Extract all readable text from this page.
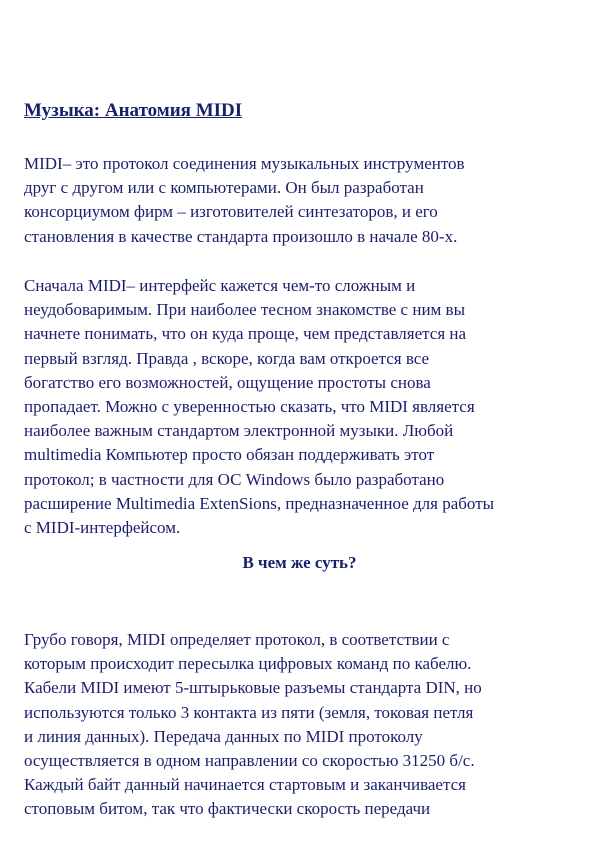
Музыка: Анатомия MIDI
MIDI– это протокол соединения музыкальных инструментов
друг с другом или с компьютерами. Он был разработан
консорциумом фирм – изготовителей синтезаторов, и его
становления в качестве стандарта произошло в начале 80-х.
Сначала MIDI– интерфейс кажется чем-то сложным и
неудобоваримым. При наиболее тесном знакомстве с ним вы
начнете понимать, что он куда проще, чем представляется на
первый взгляд. Правда , вскоре, когда вам откроется все
богатство его возможностей, ощущение простоты снова
пропадает. Можно с уверенностью сказать, что MIDI является
наиболее важным стандартом электронной музыки. Любой
multimedia Компьютер просто обязан поддерживать этот
протокол; в частности для ОС Windows было разработано
расширение Multimedia ExtenSions, предназначенное для работы
с MIDI-интерфейсом.
В чем же суть?
Грубо говоря, MIDI определяет протокол, в соответствии с
которым происходит пересылка цифровых команд по кабелю.
Кабели MIDI имеют 5-штырьковые разъемы стандарта DIN, но
используются только 3 контакта из пяти (земля, токовая петля
и линия данных). Передача данных по MIDI протоколу
осуществляется в одном направлении со скоростью 31250 б/с.
Каждый байт данный начинается стартовым и заканчивается
стоповым битом, так что фактически скорость передачи
